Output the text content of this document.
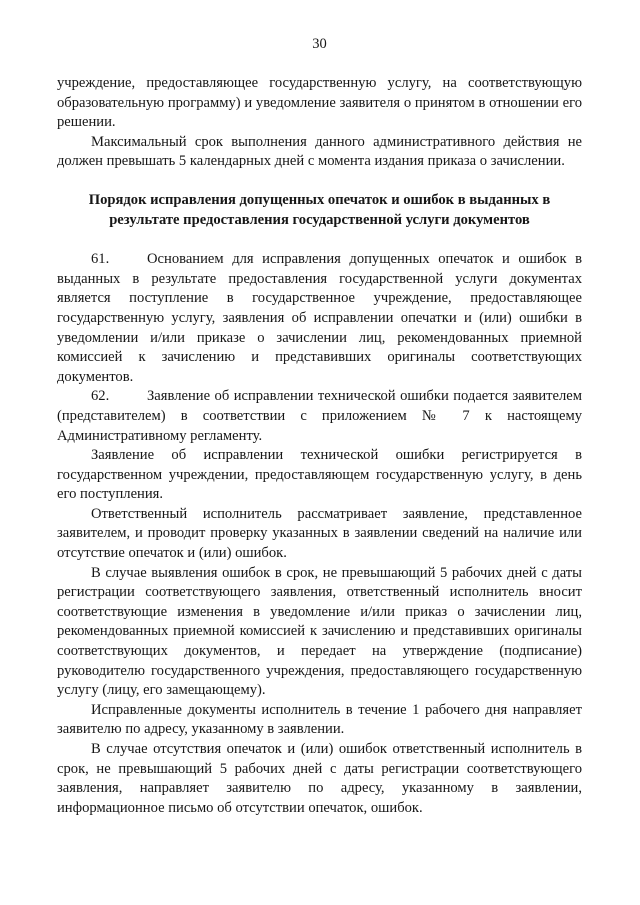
30

учреждение, предоставляющее государственную услугу, на соответствующую образовательную программу) и уведомление заявителя о принятом в отношении его решении.

Максимальный срок выполнения данного административного действия не должен превышать 5 календарных дней с момента издания приказа о зачислении.

Порядок исправления допущенных опечаток и ошибок в выданных в результате предоставления государственной услуги документов

61.	Основанием для исправления допущенных опечаток и ошибок в выданных в результате предоставления государственной услуги документах является поступление в государственное учреждение, предоставляющее государственную услугу, заявления об исправлении опечатки и (или) ошибки в уведомлении и/или приказе о зачислении лиц, рекомендованных приемной комиссией к зачислению и представивших оригиналы соответствующих документов.

62.	Заявление об исправлении технической ошибки подается заявителем (представителем) в соответствии с приложением № 7 к настоящему Административному регламенту.

Заявление об исправлении технической ошибки регистрируется в государственном учреждении, предоставляющем государственную услугу, в день его поступления.

Ответственный исполнитель рассматривает заявление, представленное заявителем, и проводит проверку указанных в заявлении сведений на наличие или отсутствие опечаток и (или) ошибок.

В случае выявления ошибок в срок, не превышающий 5 рабочих дней с даты регистрации соответствующего заявления, ответственный исполнитель вносит соответствующие изменения в уведомление и/или приказ о зачислении лиц, рекомендованных приемной комиссией к зачислению и представивших оригиналы соответствующих документов, и передает на утверждение (подписание) руководителю государственного учреждения, предоставляющего государственную услугу (лицу, его замещающему).

Исправленные документы исполнитель в течение 1 рабочего дня направляет заявителю по адресу, указанному в заявлении.

В случае отсутствия опечаток и (или) ошибок ответственный исполнитель в срок, не превышающий 5 рабочих дней с даты регистрации соответствующего заявления, направляет заявителю по адресу, указанному в заявлении, информационное письмо об отсутствии опечаток, ошибок.
